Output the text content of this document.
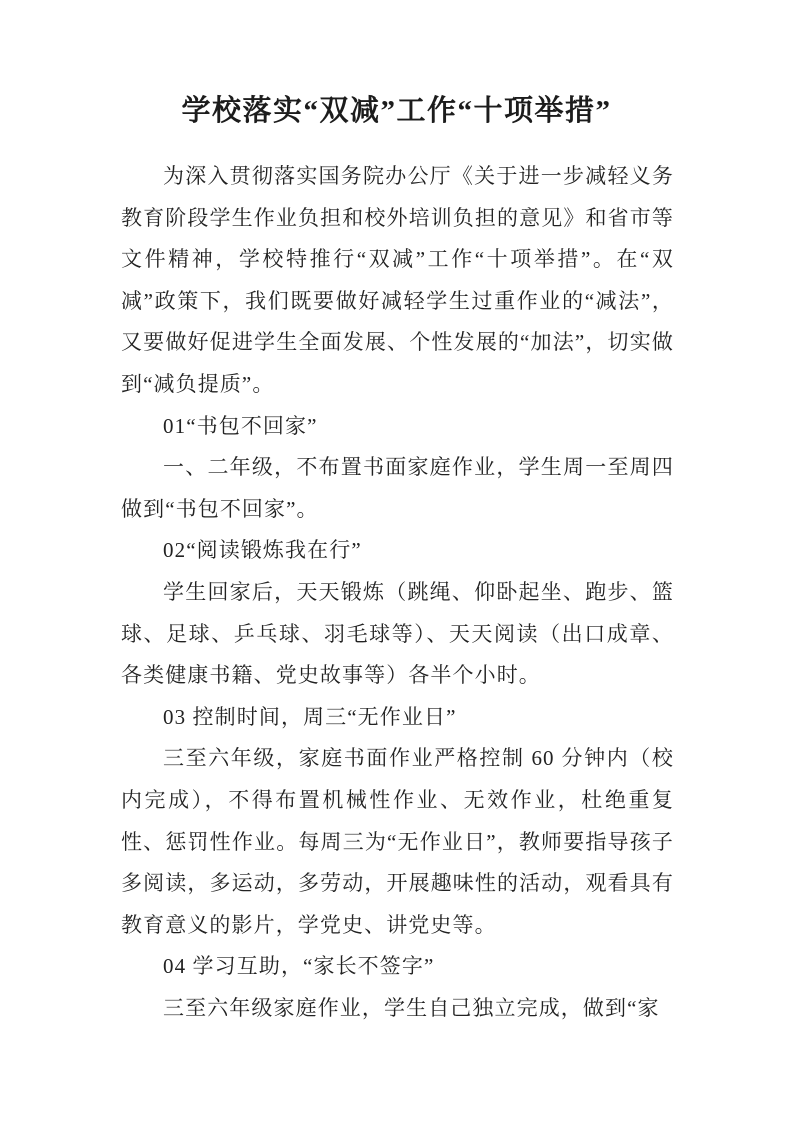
学校落实“双减”工作“十项举措”

为深入贯彻落实国务院办公厅《关于进一步减轻义务教育阶段学生作业负担和校外培训负担的意见》和省市等文件精神，学校特推行“双减”工作“十项举措”。在“双减”政策下，我们既要做好减轻学生过重作业的“减法”，又要做好促进学生全面发展、个性发展的“加法”，切实做到“减负提质”。

01“书包不回家”

一、二年级，不布置书面家庭作业，学生周一至周四做到“书包不回家”。

02“阅读锻炼我在行”

学生回家后，天天锻炼（跳绳、仰卧起坐、跑步、篮球、足球、乒乓球、羽毛球等）、天天阅读（出口成章、各类健康书籍、党史故事等）各半个小时。

03 控制时间，周三“无作业日”

三至六年级，家庭书面作业严格控制 60 分钟内（校内完成），不得布置机械性作业、无效作业，杜绝重复性、惩罚性作业。每周三为“无作业日”，教师要指导孩子多阅读，多运动，多劳动，开展趣味性的活动，观看具有教育意义的影片，学党史、讲党史等。

04 学习互助，“家长不签字”

三至六年级家庭作业，学生自己独立完成，做到“家
